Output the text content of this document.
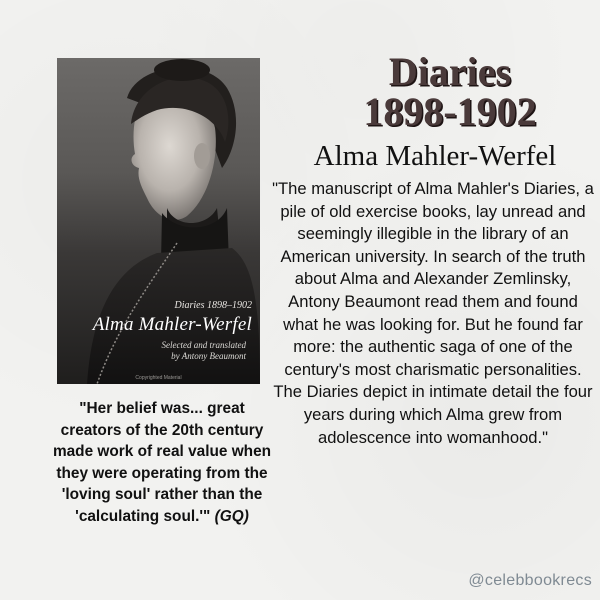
Diaries 1898–1902
Alma Mahler-Werfel
Selected and translated
by Antony Beaumont
Copyrighted Material
Diaries
1898-1902
Alma Mahler-Werfel
"The manuscript of Alma Mahler's Diaries, a pile of old exercise books, lay unread and seemingly illegible in the library of an American university. In search of the truth about Alma and Alexander Zemlinsky, Antony Beaumont read them and found what he was looking for. But he found far more: the authentic saga of one of the century's most charismatic personalities. The Diaries depict in intimate detail the four years during which Alma grew from adolescence into womanhood."
"Her belief was... great creators of the 20th century made work of real value when they were operating from the 'loving soul' rather than the 'calculating soul.'" (GQ)
@celebbookrecs
